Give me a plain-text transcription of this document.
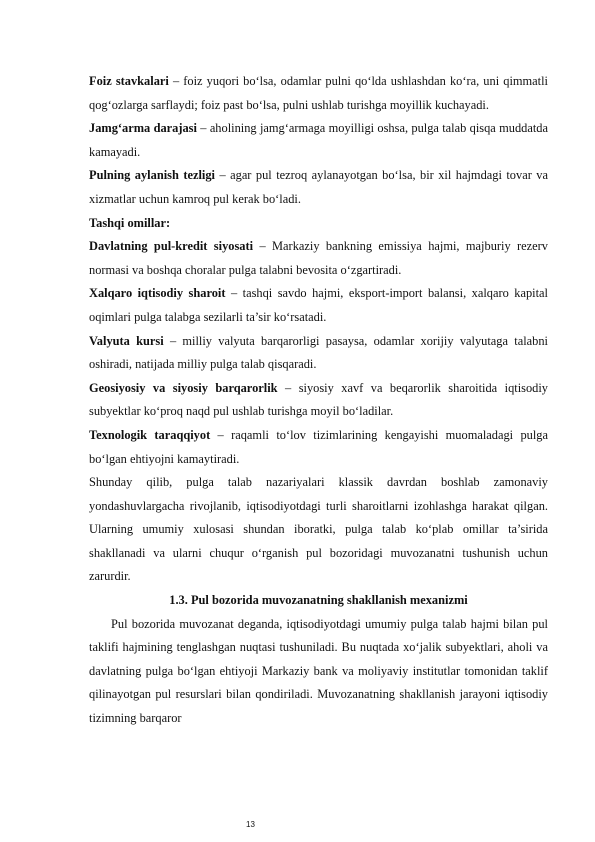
Foiz stavkalari – foiz yuqori bo‘lsa, odamlar pulni qo‘lda ushlashdan ko‘ra, uni qimmatli qog‘ozlarga sarflaydi; foiz past bo‘lsa, pulni ushlab turishga moyillik kuchayadi.

Jamg‘arma darajasi – aholining jamg‘armaga moyilligi oshsa, pulga talab qisqa muddatda kamayadi.

Pulning aylanish tezligi – agar pul tezroq aylanayotgan bo‘lsa, bir xil hajmdagi tovar va xizmatlar uchun kamroq pul kerak bo‘ladi.

Tashqi omillar:

Davlatning pul-kredit siyosati – Markaziy bankning emissiya hajmi, majburiy rezerv normasi va boshqa choralar pulga talabni bevosita o‘zgartiradi.

Xalqaro iqtisodiy sharoit – tashqi savdo hajmi, eksport-import balansi, xalqaro kapital oqimlari pulga talabga sezilarli ta’sir ko‘rsatadi.

Valyuta kursi – milliy valyuta barqarorligi pasaysa, odamlar xorijiy valyutaga talabni oshiradi, natijada milliy pulga talab qisqaradi.

Geosiyosiy va siyosiy barqarorlik – siyosiy xavf va beqarorlik sharoitida iqtisodiy subyektlar ko‘proq naqd pul ushlab turishga moyil bo‘ladilar.

Texnologik taraqqiyot – raqamli to‘lov tizimlarining kengayishi muomaladagi pulga bo‘lgan ehtiyojni kamaytiradi.

Shunday qilib, pulga talab nazariyalari klassik davrdan boshlab zamonaviy yondashuvlargacha rivojlanib, iqtisodiyotdagi turli sharoitlarni izohlashga harakat qilgan. Ularning umumiy xulosasi shundan iboratki, pulga talab ko‘plab omillar ta’sirida shakllanadi va ularni chuqur o‘rganish pul bozoridagi muvozanatni tushunish uchun zarurdir.

1.3. Pul bozorida muvozanatning shakllanish mexanizmi

Pul bozorida muvozanat deganda, iqtisodiyotdagi umumiy pulga talab hajmi bilan pul taklifi hajmining tenglashgan nuqtasi tushuniladi. Bu nuqtada xo‘jalik subyektlari, aholi va davlatning pulga bo‘lgan ehtiyoji Markaziy bank va moliyaviy institutlar tomonidan taklif qilinayotgan pul resurslari bilan qondiriladi. Muvozanatning shakllanish jarayoni iqtisodiy tizimning barqaror

13
